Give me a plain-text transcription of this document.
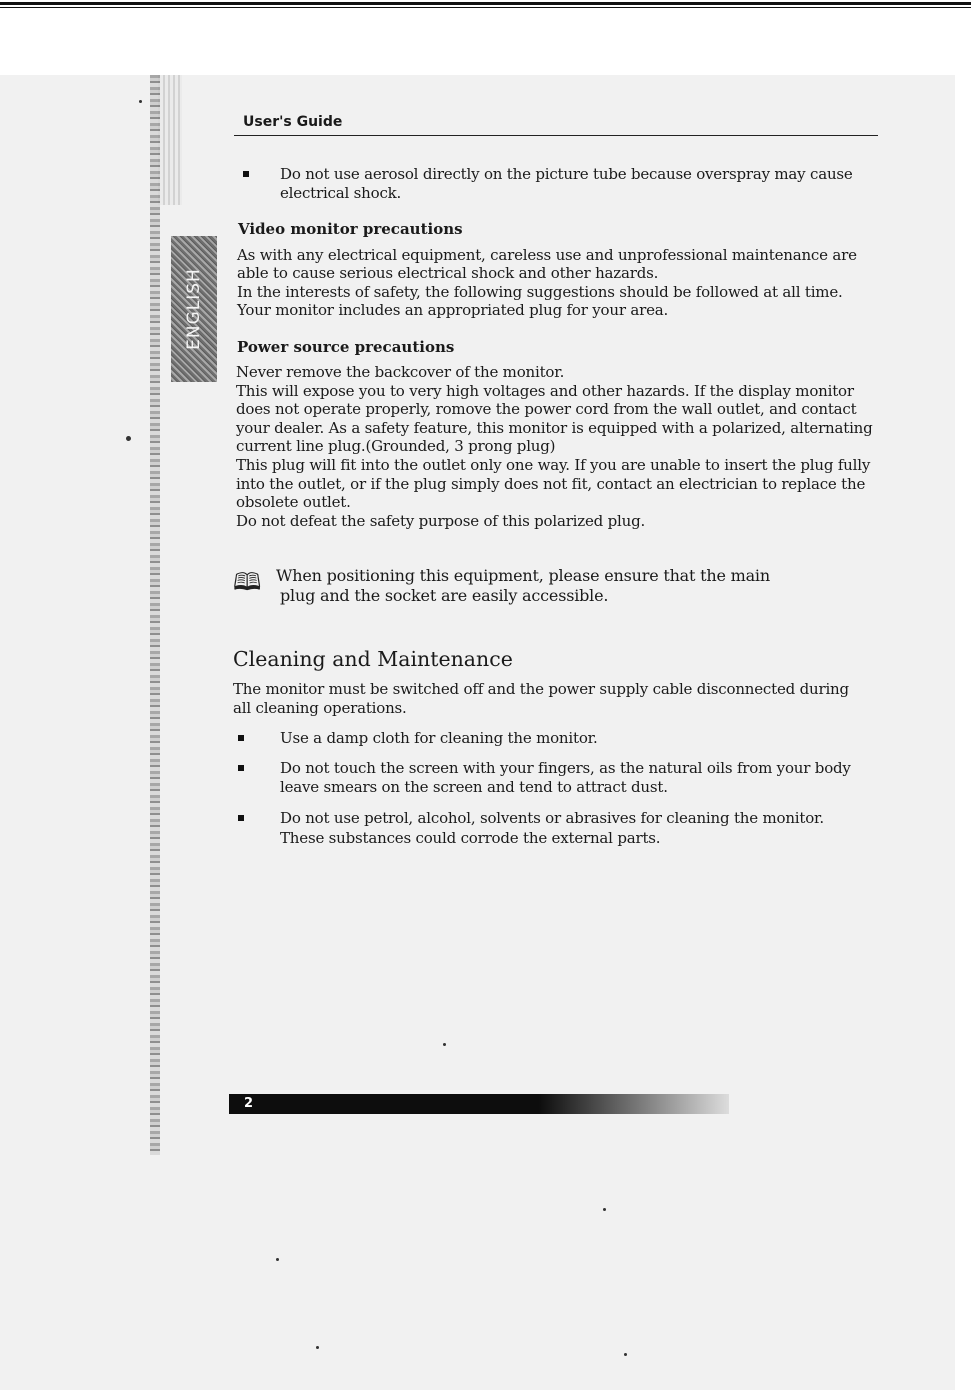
ENGLISH
User's Guide
Do not use aerosol directly on the picture tube because overspray may cause electrical shock.
Video monitor precautions
As with any electrical equipment, careless use and unprofessional maintenance are
able to cause serious electrical shock and other hazards.
In the interests of safety, the following suggestions should be followed at all time.
Your monitor includes an appropriated plug for your area.
Power source precautions
Never remove the backcover of the monitor.
This will expose you to very high voltages and other hazards. If the display monitor
does not operate properly, romove the power cord from the wall outlet, and contact
your dealer. As a safety feature, this monitor is equipped with a polarized, alternating
current line plug.(Grounded, 3 prong plug)
This plug will fit into the outlet only one way. If you are unable to insert the plug fully
into the outlet, or if the plug simply does not fit, contact an electrician to replace the
obsolete outlet.
Do not defeat the safety purpose of this polarized plug.
🕮 When positioning this equipment, please ensure that the main
plug and the socket are easily accessible.
Cleaning and Maintenance
The monitor must be switched off and the power supply cable disconnected during
all cleaning operations.
Use a damp cloth for cleaning the monitor.
Do not touch the screen with your fingers, as the natural oils from your body
leave smears on the screen and tend to attract dust.
Do not use petrol, alcohol, solvents or abrasives for cleaning the monitor.
These substances could corrode the external parts.
2
